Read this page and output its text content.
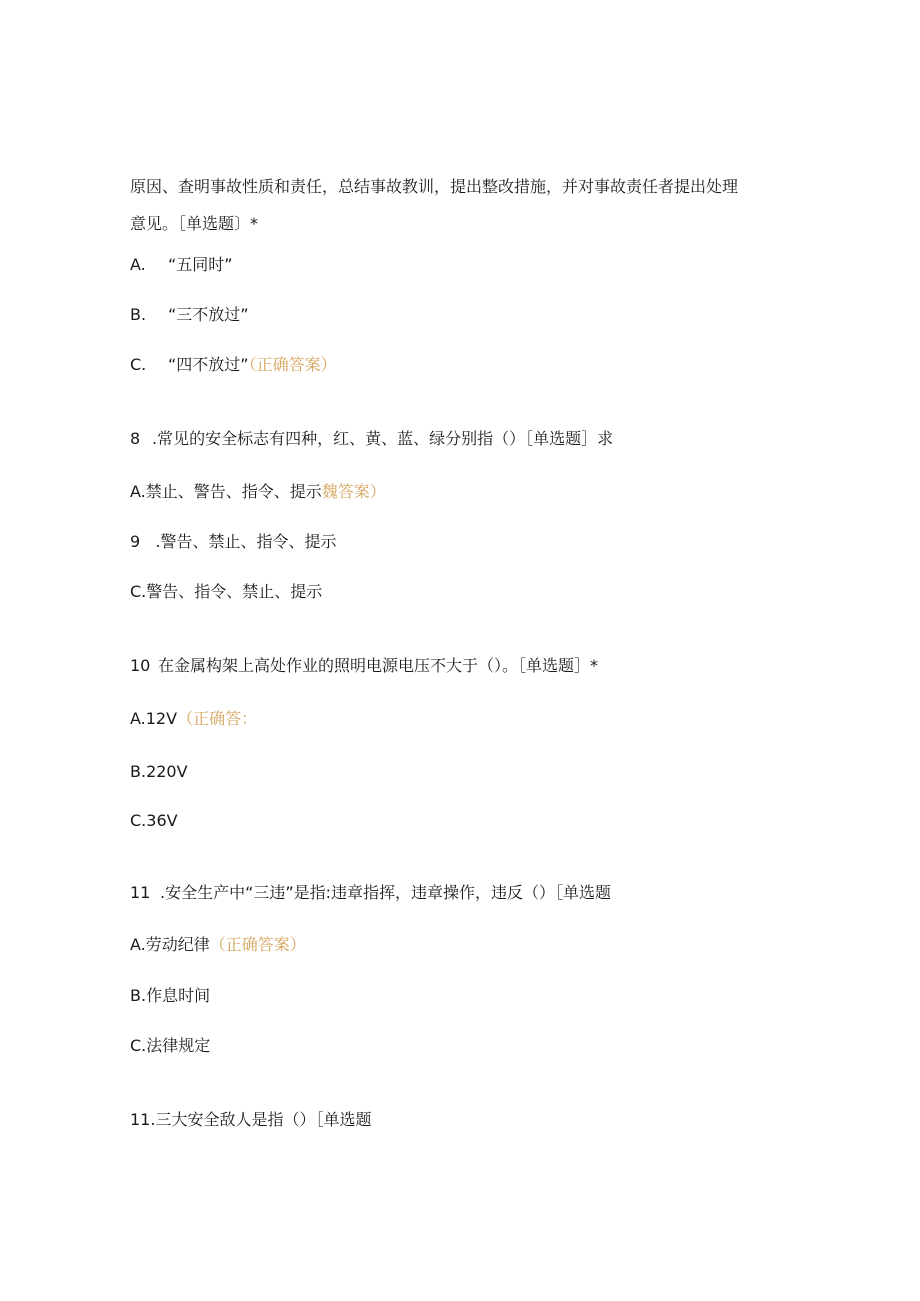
原因、查明事故性质和责任，总结事故教训，提出整改措施，并对事故责任者提出处理
意见。［单选题〕*
A. “五同时”
B. “三不放过”
C. “四不放过”（正确答案）
8 .常见的安全标志有四种，红、黄、蓝、绿分别指（）［单选题］求
A.禁止、警告、指令、提示魏答案）
9   .警告、禁止、指令、提示
C.警告、指令、禁止、提示
10 在金属构架上高处作业的照明电源电压不大于（）。［单选题］*
A.12V（正确答：
B.220V
C.36V
11 .安全生产中“三违”是指:违章指挥，违章操作，违反（）［单选题
A.劳动纪律（正确答案）
B.作息时间
C.法律规定
11.三大安全敌人是指（）［单选题
